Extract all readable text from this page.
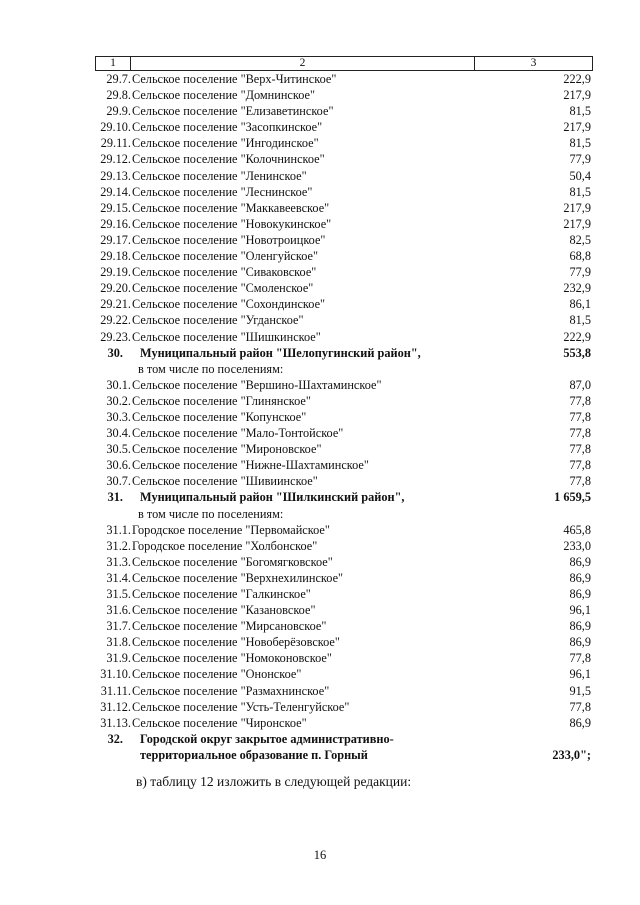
1	2	3
29.7. Сельское поселение "Верх-Читинское"	222,9
29.8. Сельское поселение "Домнинское"	217,9
29.9. Сельское поселение "Елизаветинское"	81,5
29.10. Сельское поселение "Засопкинское"	217,9
29.11. Сельское поселение "Ингодинское"	81,5
29.12. Сельское поселение "Колочнинское"	77,9
29.13. Сельское поселение "Ленинское"	50,4
29.14. Сельское поселение "Леснинское"	81,5
29.15. Сельское поселение "Маккавеевское"	217,9
29.16. Сельское поселение "Новокукинское"	217,9
29.17. Сельское поселение "Новотроицкое"	82,5
29.18. Сельское поселение "Оленгуйское"	68,8
29.19. Сельское поселение "Сиваковское"	77,9
29.20. Сельское поселение "Смоленское"	232,9
29.21. Сельское поселение "Сохондинское"	86,1
29.22. Сельское поселение "Угданское"	81,5
29.23. Сельское поселение "Шишкинское"	222,9
30.	Муниципальный район "Шелопугинский район",	553,8
в том числе по поселениям:
30.1. Сельское поселение "Вершино-Шахтаминское"	87,0
30.2. Сельское поселение "Глинянское"	77,8
30.3. Сельское поселение "Копунское"	77,8
30.4. Сельское поселение "Мало-Тонтойское"	77,8
30.5. Сельское поселение "Мироновское"	77,8
30.6. Сельское поселение "Нижне-Шахтаминское"	77,8
30.7. Сельское поселение "Шивиинское"	77,8
31.	Муниципальный район "Шилкинский район",	1 659,5
в том числе по поселениям:
31.1. Городское поселение "Первомайское"	465,8
31.2. Городское поселение "Холбонское"	233,0
31.3. Сельское поселение "Богомягковское"	86,9
31.4. Сельское поселение "Верхнехилинское"	86,9
31.5. Сельское поселение "Галкинское"	86,9
31.6. Сельское поселение "Казановское"	96,1
31.7. Сельское поселение "Мирсановское"	86,9
31.8. Сельское поселение "Новоберёзовское"	86,9
31.9. Сельское поселение "Номоконовское"	77,8
31.10. Сельское поселение "Ононское"	96,1
31.11. Сельское поселение "Размахнинское"	91,5
31.12. Сельское поселение "Усть-Теленгуйское"	77,8
31.13. Сельское поселение "Чиронское"	86,9
32.	Городской округ закрытое административно-
территориальное образование п. Горный	233,0";
в) таблицу 12 изложить в следующей редакции:
16
